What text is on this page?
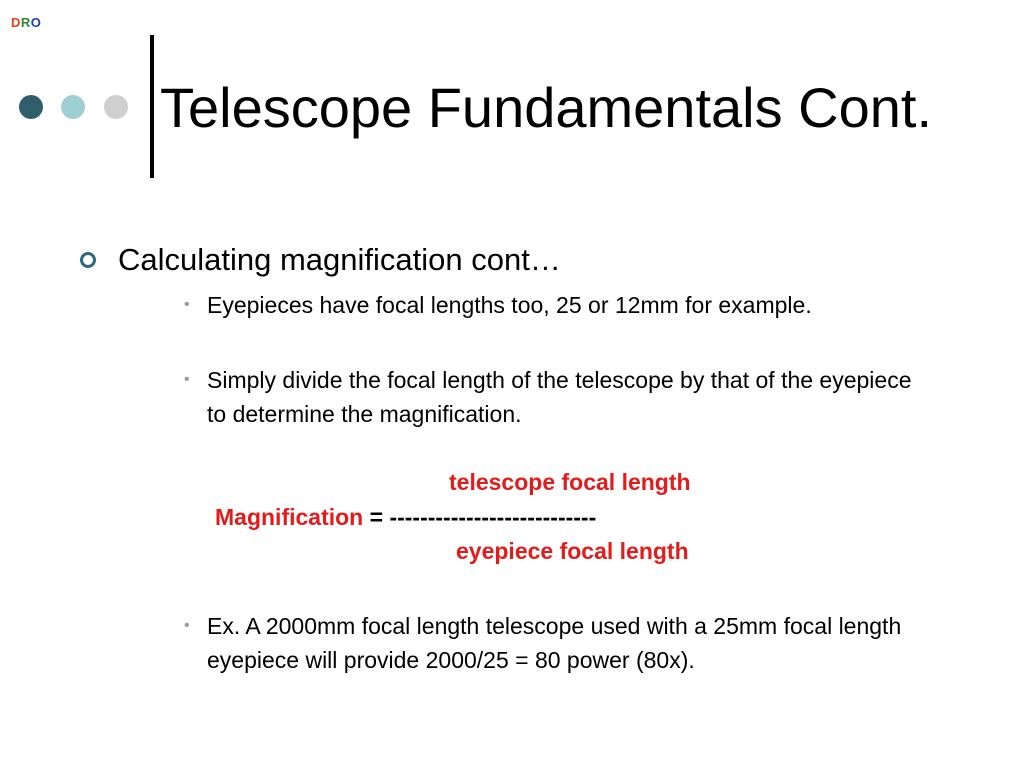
DRO
Telescope Fundamentals Cont.
Calculating magnification cont…
• Eyepieces have focal lengths too, 25 or 12mm for example.
• Simply divide the focal length of the telescope by that of the eyepiece to determine the magnification.
telescope focal length
Magnification = ---------------------------
eyepiece focal length
• Ex. A 2000mm focal length telescope used with a 25mm focal length eyepiece will provide 2000/25 = 80 power (80x).
